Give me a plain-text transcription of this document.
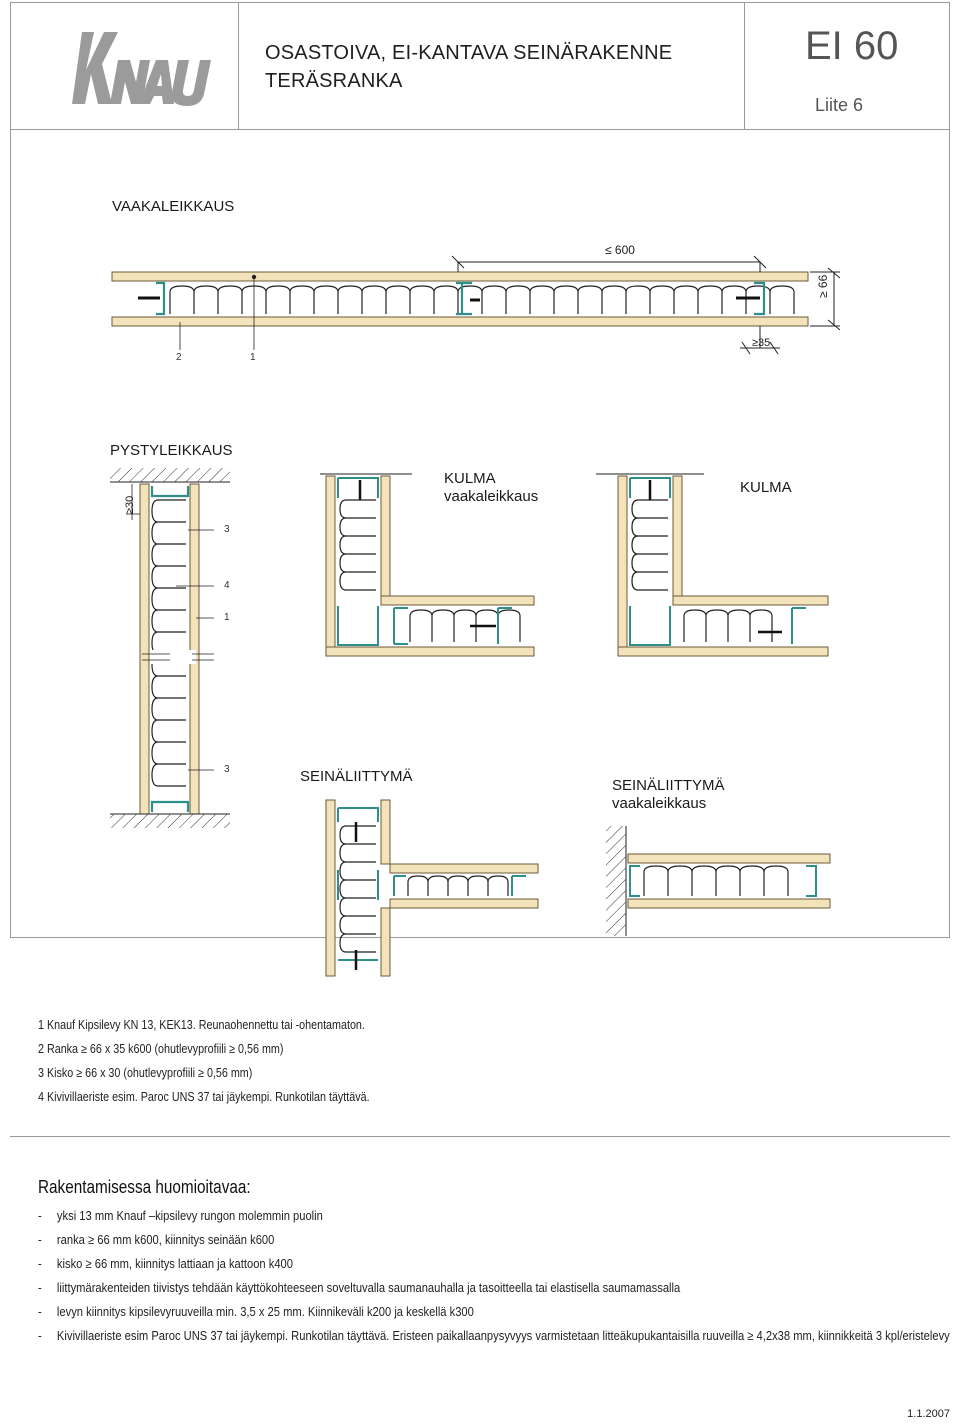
KNAUF
OSASTOIVA, EI-KANTAVA SEINÄRAKENNE
TERÄSRANKA
EI 60
Liite 6
VAAKALEIKKAUS
≤ 600
≥ 66
≥35
2	1
PYSTYLEIKKAUS
≥30
3
4
1
3
KULMA
vaakaleikkaus
KULMA
SEINÄLIITTYMÄ
SEINÄLIITTYMÄ
vaakaleikkaus
1 Knauf Kipsilevy KN 13, KEK13. Reunaohennettu tai -ohentamaton.
2 Ranka ≥ 66 x 35 k600 (ohutlevyprofiili ≥ 0,56 mm)
3 Kisko ≥ 66 x 30 (ohutlevyprofiili ≥ 0,56 mm)
4 Kivivillaeriste esim. Paroc UNS 37 tai jäykempi. Runkotilan täyttävä.
Rakentamisessa huomioitavaa:
- yksi 13 mm Knauf –kipsilevy rungon molemmin puolin
- ranka ≥ 66 mm k600, kiinnitys seinään k600
- kisko ≥ 66 mm, kiinnitys lattiaan ja kattoon k400
- liittymärakenteiden tiivistys tehdään käyttökohteeseen soveltuvalla saumanauhalla ja tasoitteella tai elastisella saumamassalla
- levyn kiinnitys kipsilevyruuveilla min. 3,5 x 25 mm. Kiinnikeväli k200 ja keskellä k300
- Kivivillaeriste esim Paroc UNS 37 tai jäykempi. Runkotilan täyttävä. Eristeen paikallaanpysyvyys varmistetaan litteäkupukantaisilla ruuveilla ≥ 4,2x38 mm, kiinnikkeitä 3 kpl/eristelevy
1.1.2007
